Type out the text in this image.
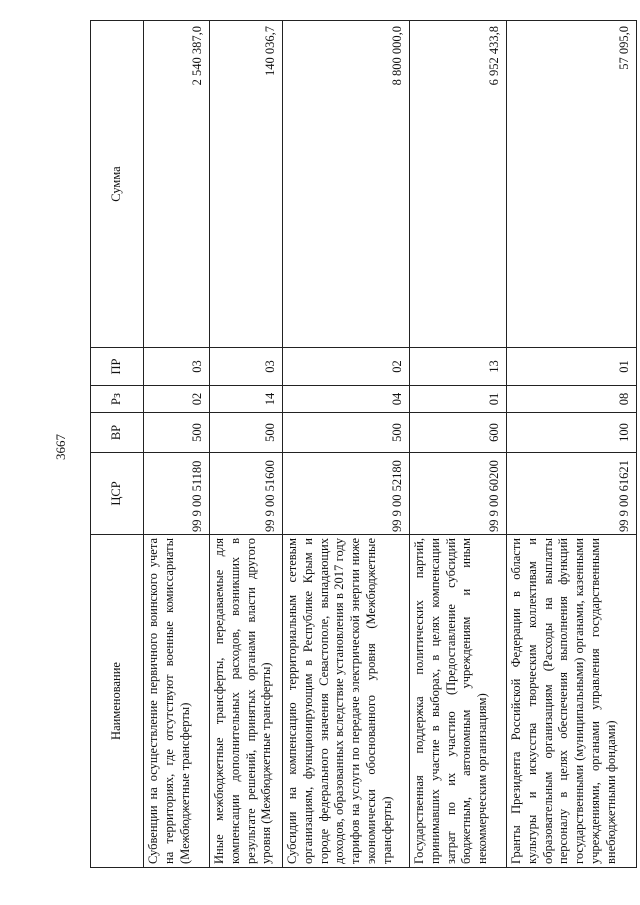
3667
Наименование	ЦСР	ВР	Рз	ПР	Сумма
Субвенции на осуществление первичного воинского учета на территориях, где отсутствуют военные комиссариаты (Межбюджетные трансферты)	99 9 00 51180	500	02	03	2 540 387,0
Иные межбюджетные трансферты, передаваемые для компенсации дополнительных расходов, возникших в результате решений, принятых органами власти другого уровня (Межбюджетные трансферты)	99 9 00 51600	500	14	03	140 036,7
Субсидии на компенсацию территориальным сетевым организациям, функционирующим в Республике Крым и городе федерального значения Севастополе, выпадающих доходов, образованных вследствие установления в 2017 году тарифов на услуги по передаче электрической энергии ниже экономически обоснованного уровня (Межбюджетные трансферты)	99 9 00 52180	500	04	02	8 800 000,0
Государственная поддержка политических партий, принимавших участие в выборах, в целях компенсации затрат по их участию (Предоставление субсидий бюджетным, автономным учреждениям и иным некоммерческим организациям)	99 9 00 60200	600	01	13	6 952 433,8
Гранты Президента Российской Федерации в области культуры и искусства творческим коллективам и образовательным организациям (Расходы на выплаты персоналу в целях обеспечения выполнения функций государственными (муниципальными) органами, казенными учреждениями, органами управления государственными внебюджетными фондами)	99 9 00 61621	100	08	01	57 095,0
